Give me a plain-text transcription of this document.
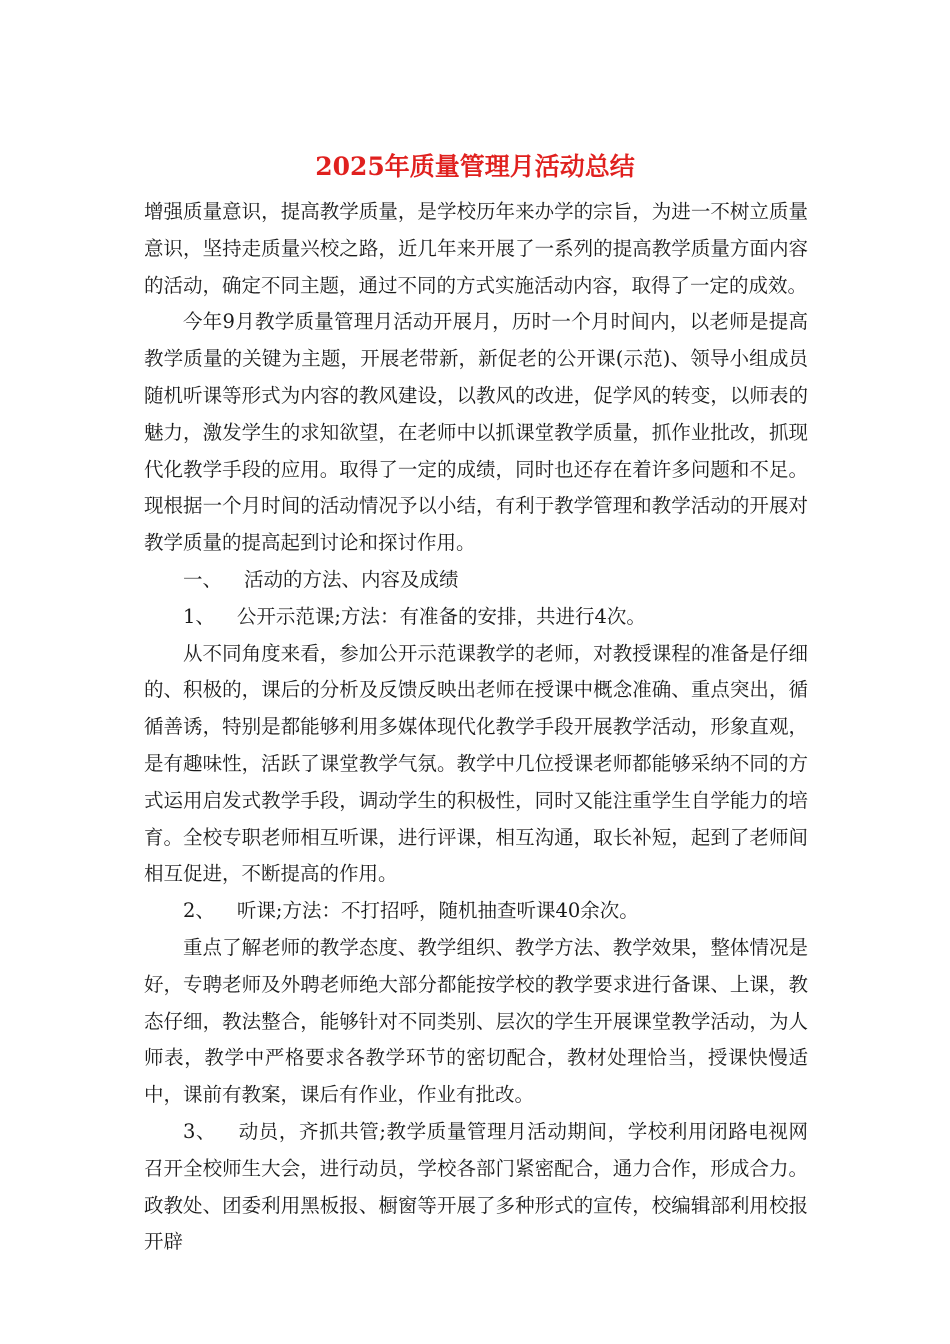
2025年质量管理月活动总结

增强质量意识，提高教学质量，是学校历年来办学的宗旨，为进一不树立质量意识，坚持走质量兴校之路，近几年来开展了一系列的提高教学质量方面内容的活动，确定不同主题，通过不同的方式实施活动内容，取得了一定的成效。

今年9月教学质量管理月活动开展月，历时一个月时间内，以老师是提高教学质量的关键为主题，开展老带新，新促老的公开课(示范)、领导小组成员随机听课等形式为内容的教风建设，以教风的改进，促学风的转变，以师表的魅力，激发学生的求知欲望，在老师中以抓课堂教学质量，抓作业批改，抓现代化教学手段的应用。取得了一定的成绩，同时也还存在着许多问题和不足。现根据一个月时间的活动情况予以小结，有利于教学管理和教学活动的开展对教学质量的提高起到讨论和探讨作用。

一、 活动的方法、内容及成绩

1、 公开示范课;方法：有准备的安排，共进行4次。

从不同角度来看，参加公开示范课教学的老师，对教授课程的准备是仔细的、积极的，课后的分析及反馈反映出老师在授课中概念准确、重点突出，循循善诱，特别是都能够利用多媒体现代化教学手段开展教学活动，形象直观，是有趣味性，活跃了课堂教学气氛。教学中几位授课老师都能够采纳不同的方式运用启发式教学手段，调动学生的积极性，同时又能注重学生自学能力的培育。全校专职老师相互听课，进行评课，相互沟通，取长补短，起到了老师间相互促进，不断提高的作用。

2、 听课;方法：不打招呼，随机抽查听课40余次。

重点了解老师的教学态度、教学组织、教学方法、教学效果，整体情况是好，专聘老师及外聘老师绝大部分都能按学校的教学要求进行备课、上课，教态仔细，教法整合，能够针对不同类别、层次的学生开展课堂教学活动，为人师表，教学中严格要求各教学环节的密切配合，教材处理恰当，授课快慢适中，课前有教案，课后有作业，作业有批改。

3、 动员，齐抓共管;教学质量管理月活动期间，学校利用闭路电视网召开全校师生大会，进行动员，学校各部门紧密配合，通力合作，形成合力。政教处、团委利用黑板报、橱窗等开展了多种形式的宣传，校编辑部利用校报开辟
